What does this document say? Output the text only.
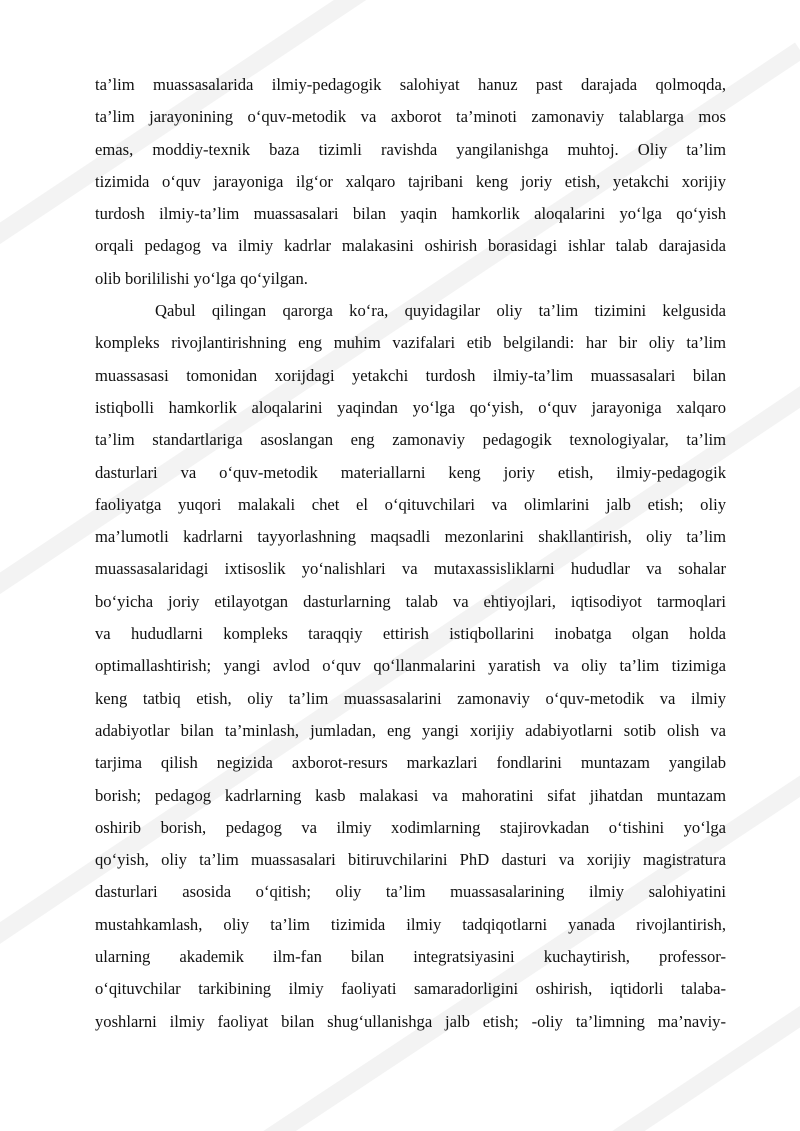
ta’lim muassasalarida ilmiy-pedagogik salohiyat hanuz past darajada qolmoqda,
ta’lim jarayonining o‘quv-metodik va axborot ta’minoti zamonaviy talablarga mos
emas, moddiy-texnik baza tizimli ravishda yangilanishga muhtoj. Oliy ta’lim
tizimida o‘quv jarayoniga ilg‘or xalqaro tajribani keng joriy etish, yetakchi xorijiy
turdosh ilmiy-ta’lim muassasalari bilan yaqin hamkorlik aloqalarini yo‘lga qo‘yish
orqali pedagog va ilmiy kadrlar malakasini oshirish borasidagi ishlar talab darajasida
olib borililishi yo‘lga qo‘yilgan.
Qabul qilingan qarorga ko‘ra, quyidagilar oliy ta’lim tizimini kelgusida
kompleks rivojlantirishning eng muhim vazifalari etib belgilandi: har bir oliy ta’lim
muassasasi tomonidan xorijdagi yetakchi turdosh ilmiy-ta’lim muassasalari bilan
istiqbolli hamkorlik aloqalarini yaqindan yo‘lga qo‘yish, o‘quv jarayoniga xalqaro
ta’lim standartlariga asoslangan eng zamonaviy pedagogik texnologiyalar, ta’lim
dasturlari va o‘quv-metodik materiallarni keng joriy etish, ilmiy-pedagogik
faoliyatga yuqori malakali chet el o‘qituvchilari va olimlarini jalb etish; oliy
ma’lumotli kadrlarni tayyorlashning maqsadli mezonlarini shakllantirish, oliy ta’lim
muassasalaridagi ixtisoslik yo‘nalishlari va mutaxassisliklarni hududlar va sohalar
bo‘yicha joriy etilayotgan dasturlarning talab va ehtiyojlari, iqtisodiyot tarmoqlari
va hududlarni kompleks taraqqiy ettirish istiqbollarini inobatga olgan holda
optimallashtirish; yangi avlod o‘quv qo‘llanmalarini yaratish va oliy ta’lim tizimiga
keng tatbiq etish, oliy ta’lim muassasalarini zamonaviy o‘quv-metodik va ilmiy
adabiyotlar bilan ta’minlash, jumladan, eng yangi xorijiy adabiyotlarni sotib olish va
tarjima qilish negizida axborot-resurs markazlari fondlarini muntazam yangilab
borish; pedagog kadrlarning kasb malakasi va mahoratini sifat jihatdan muntazam
oshirib borish, pedagog va ilmiy xodimlarning stajirovkadan o‘tishini yo‘lga
qo‘yish, oliy ta’lim muassasalari bitiruvchilarini PhD dasturi va xorijiy magistratura
dasturlari asosida o‘qitish; oliy ta’lim muassasalarining ilmiy salohiyatini
mustahkamlash, oliy ta’lim tizimida ilmiy tadqiqotlarni yanada rivojlantirish,
ularning akademik ilm-fan bilan integratsiyasini kuchaytirish, professor-
o‘qituvchilar tarkibining ilmiy faoliyati samaradorligini oshirish, iqtidorli talaba-
yoshlarni ilmiy faoliyat bilan shug‘ullanishga jalb etish; -oliy ta’limning ma’naviy-
